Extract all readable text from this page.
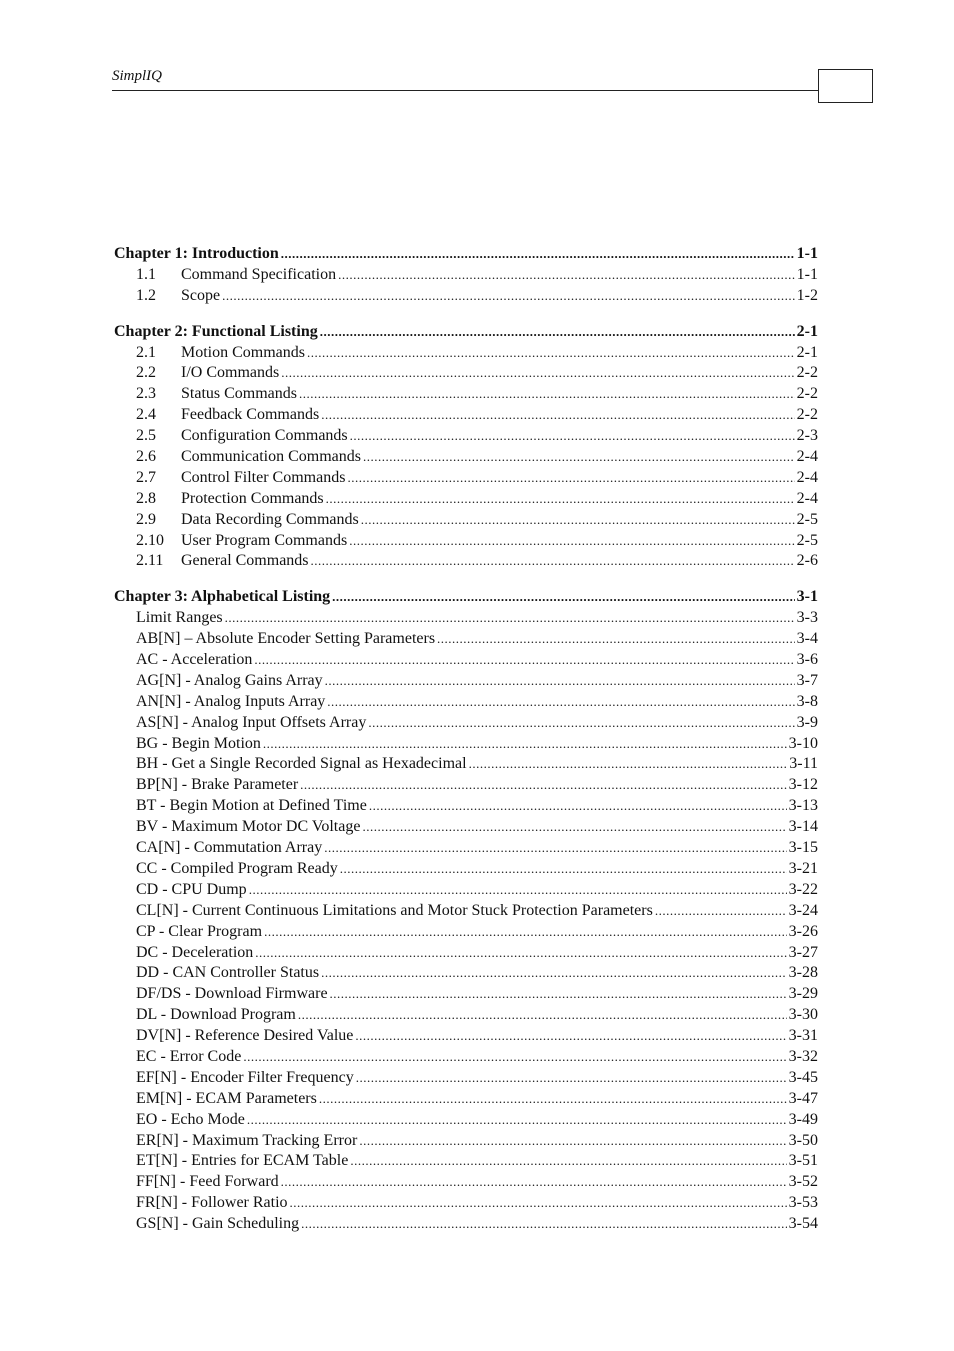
SimplIQ
Chapter 1: Introduction .....	1-1
1.1	Command Specification .....	1-1
1.2	Scope .....	1-2
Chapter 2: Functional Listing .....	2-1
2.1	Motion Commands .....	2-1
2.2	I/O Commands .....	2-2
2.3	Status Commands .....	2-2
2.4	Feedback Commands .....	2-2
2.5	Configuration Commands .....	2-3
2.6	Communication Commands .....	2-4
2.7	Control Filter Commands .....	2-4
2.8	Protection Commands .....	2-4
2.9	Data Recording Commands .....	2-5
2.10	User Program Commands .....	2-5
2.11	General Commands .....	2-6
Chapter 3: Alphabetical Listing .....	3-1
Limit Ranges .....	3-3
AB[N] – Absolute Encoder Setting Parameters .....	3-4
AC - Acceleration .....	3-6
AG[N] - Analog Gains Array .....	3-7
AN[N] - Analog Inputs Array .....	3-8
AS[N] - Analog Input Offsets Array .....	3-9
BG - Begin Motion .....	3-10
BH - Get a Single Recorded Signal as Hexadecimal .....	3-11
BP[N] - Brake Parameter .....	3-12
BT - Begin Motion at Defined Time .....	3-13
BV - Maximum Motor DC Voltage .....	3-14
CA[N] - Commutation Array .....	3-15
CC - Compiled Program Ready .....	3-21
CD - CPU Dump .....	3-22
CL[N] - Current Continuous Limitations and Motor Stuck Protection Parameters .....	3-24
CP - Clear Program .....	3-26
DC - Deceleration .....	3-27
DD - CAN Controller Status .....	3-28
DF/DS - Download Firmware .....	3-29
DL - Download Program .....	3-30
DV[N] - Reference Desired Value .....	3-31
EC - Error Code .....	3-32
EF[N] - Encoder Filter Frequency .....	3-45
EM[N] - ECAM Parameters .....	3-47
EO - Echo Mode .....	3-49
ER[N] - Maximum Tracking Error .....	3-50
ET[N] - Entries for ECAM Table .....	3-51
FF[N] - Feed Forward .....	3-52
FR[N] - Follower Ratio .....	3-53
GS[N] - Gain Scheduling .....	3-54
